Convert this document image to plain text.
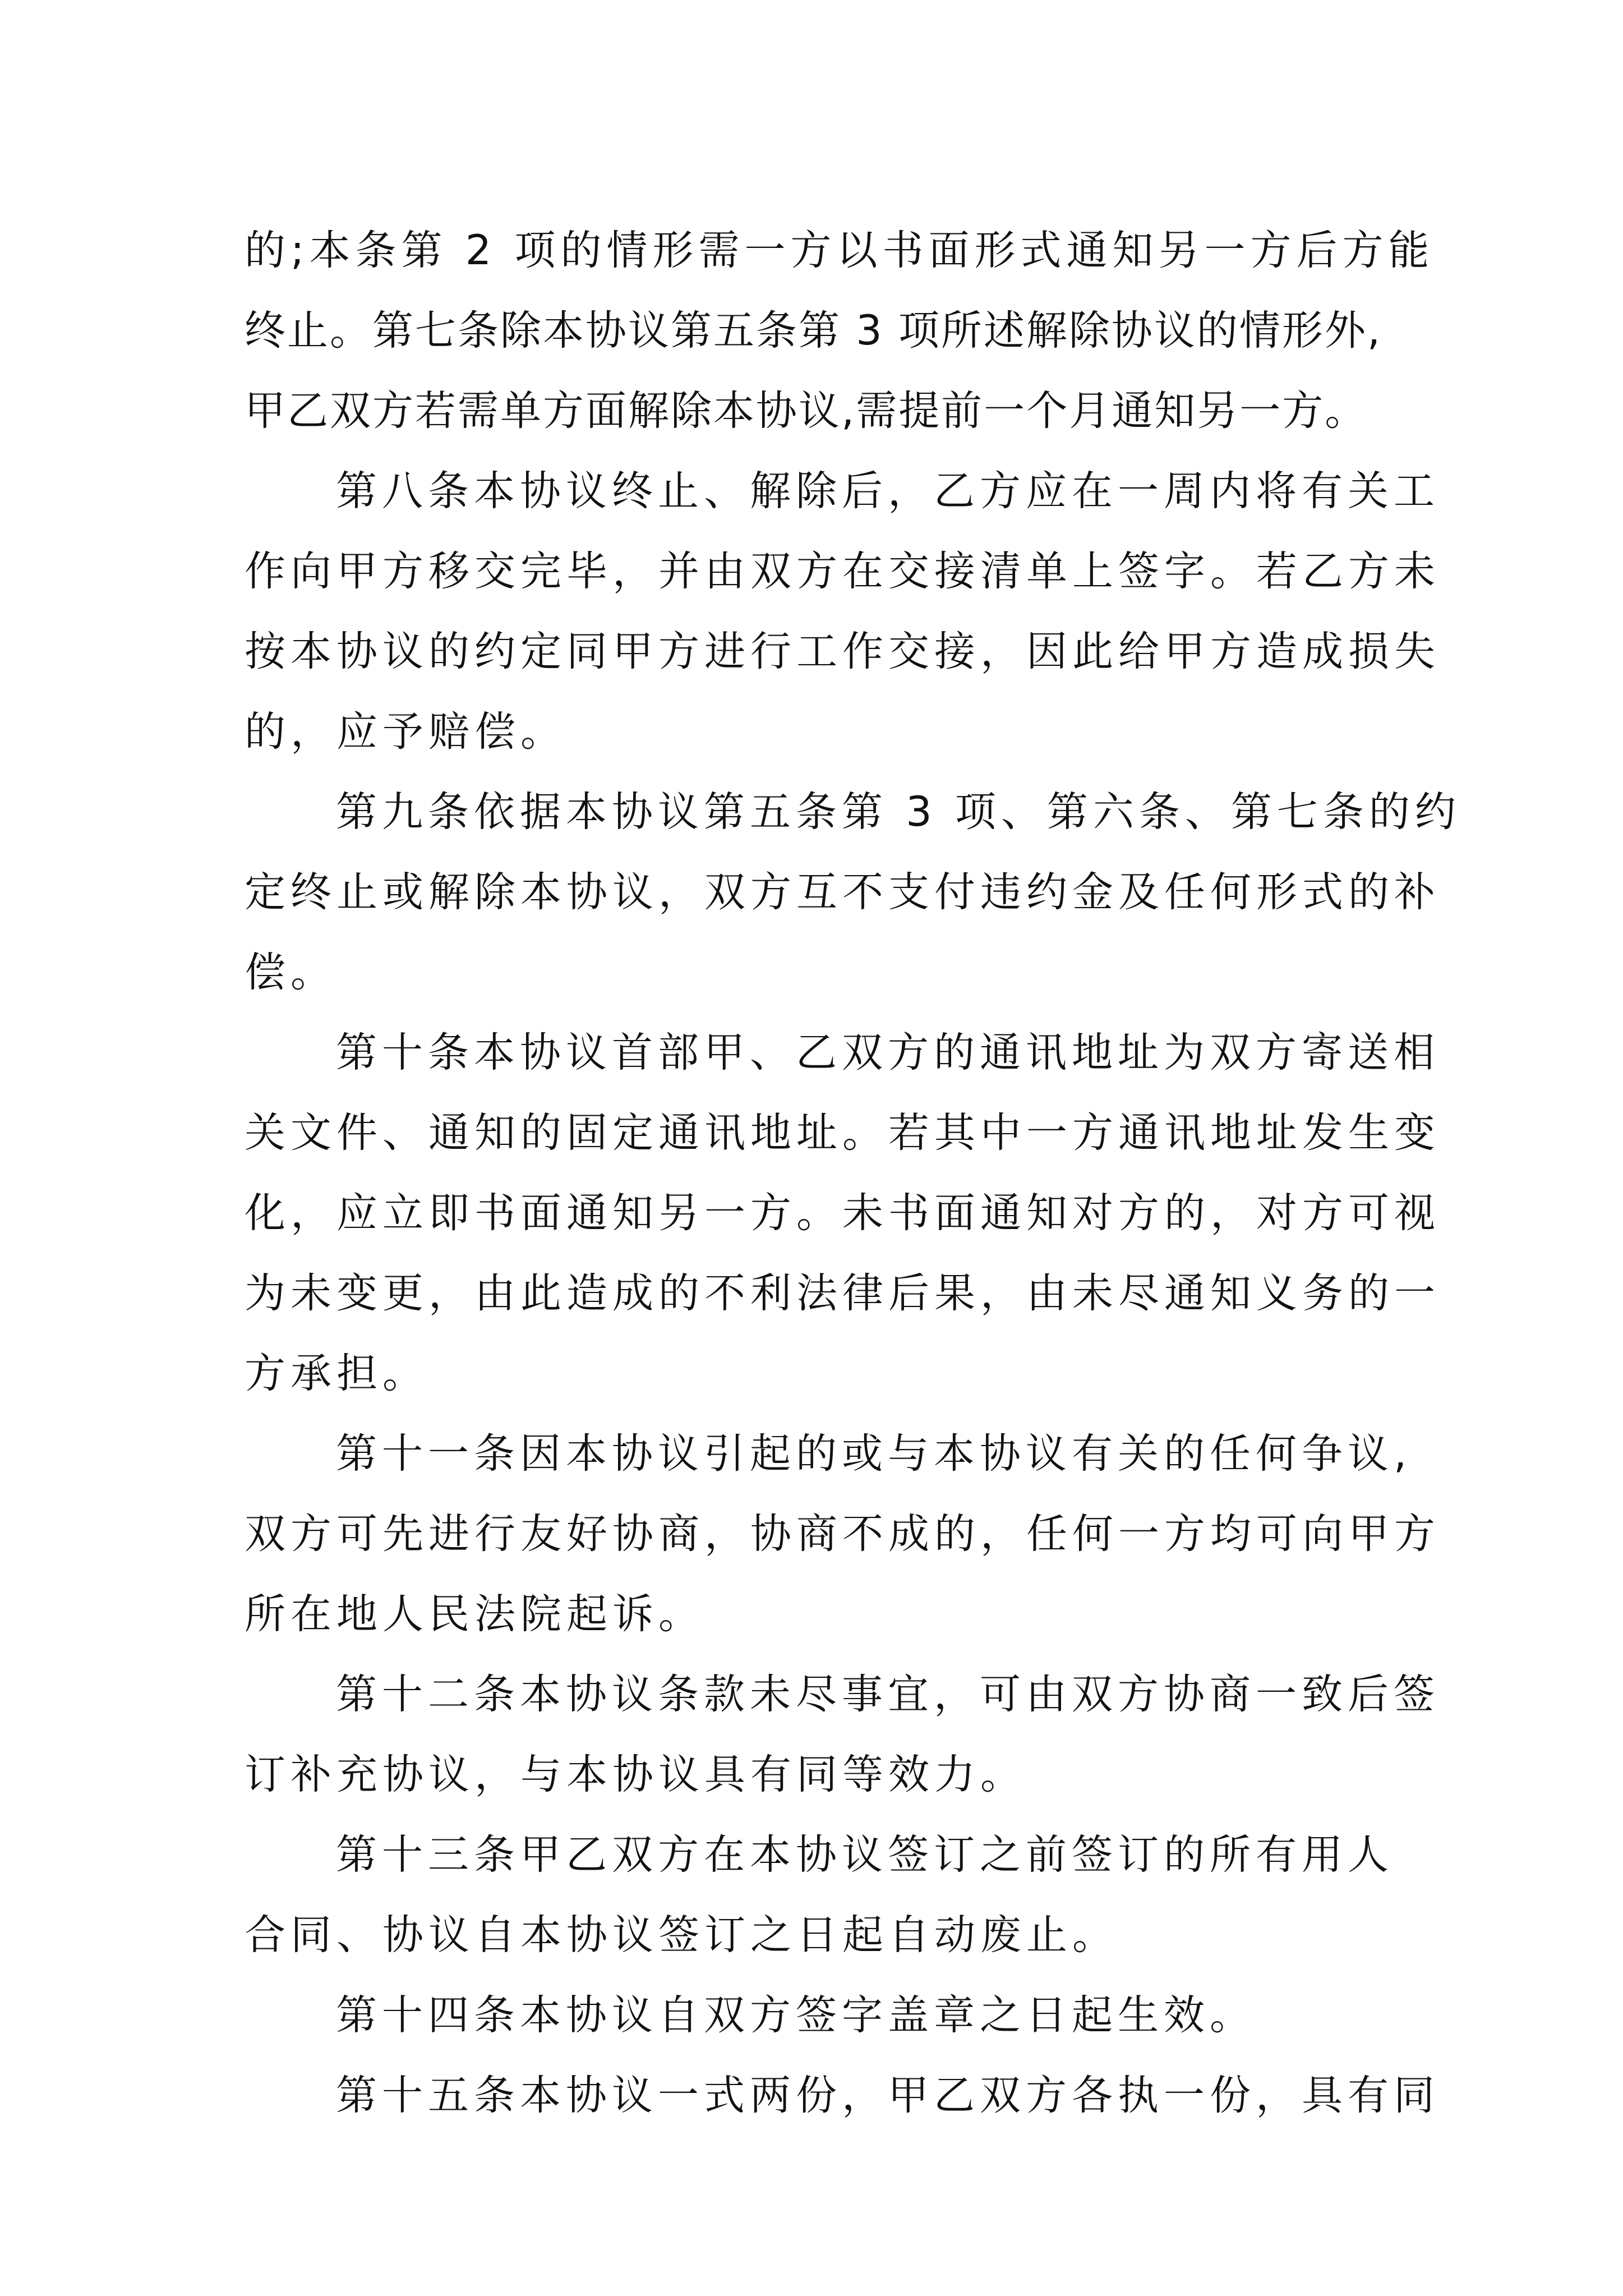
的;本条第 2 项的情形需一方以书面形式通知另一方后方能
终止。第七条除本协议第五条第 3 项所述解除协议的情形外,
甲乙双方若需单方面解除本协议,需提前一个月通知另一方。
第八条本协议终止、解除后，乙方应在一周内将有关工
作向甲方移交完毕，并由双方在交接清单上签字。若乙方未
按本协议的约定同甲方进行工作交接，因此给甲方造成损失
的，应予赔偿。
第九条依据本协议第五条第 3 项、第六条、第七条的约
定终止或解除本协议，双方互不支付违约金及任何形式的补
偿。
第十条本协议首部甲、乙双方的通讯地址为双方寄送相
关文件、通知的固定通讯地址。若其中一方通讯地址发生变
化，应立即书面通知另一方。未书面通知对方的，对方可视
为未变更，由此造成的不利法律后果，由未尽通知义务的一
方承担。
第十一条因本协议引起的或与本协议有关的任何争议,
双方可先进行友好协商，协商不成的，任何一方均可向甲方
所在地人民法院起诉。
第十二条本协议条款未尽事宜，可由双方协商一致后签
订补充协议，与本协议具有同等效力。
第十三条甲乙双方在本协议签订之前签订的所有用人
合同、协议自本协议签订之日起自动废止。
第十四条本协议自双方签字盖章之日起生效。
第十五条本协议一式两份，甲乙双方各执一份，具有同
